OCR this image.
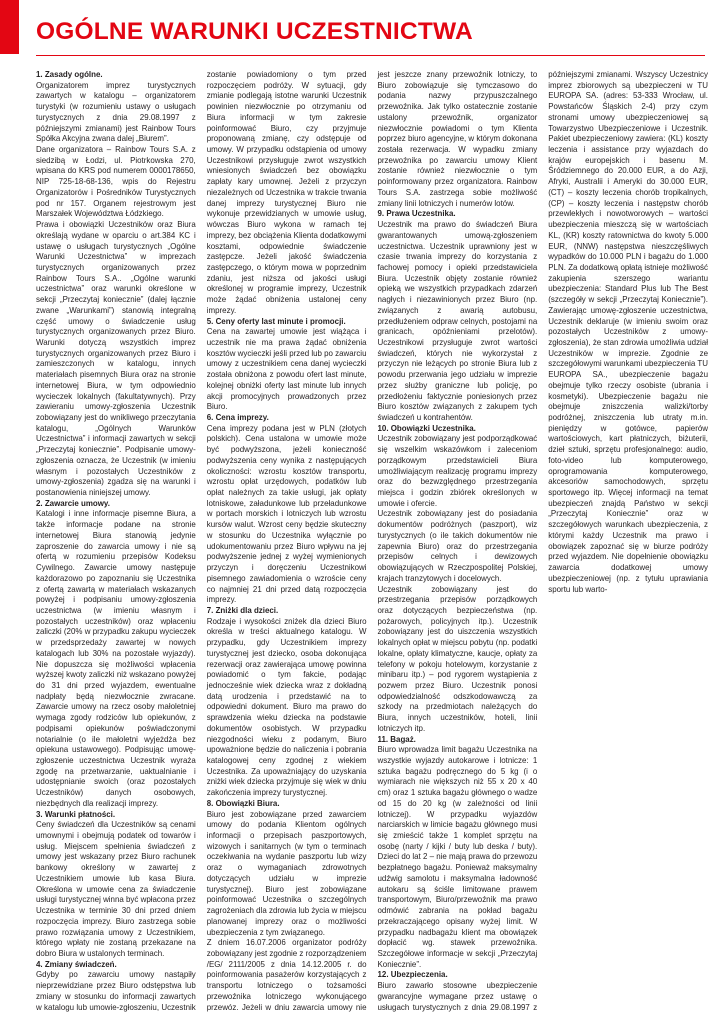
OGÓLNE WARUNKI UCZESTNICTWA
1. Zasady ogólne.

Organizatorem imprez turystycznych zawartych w katalogu – organizatorem turystyki (w rozumieniu ustawy o usługach turystycznych z dnia 29.08.1997 z późniejszymi zmianami) jest Rainbow Tours Spółka Akcyjna zwana dalej „Biurem”.

Dane organizatora – Rainbow Tours S.A. z siedzibą w Łodzi, ul. Piotrkowska 270, wpisana do KRS pod numerem 0000178650, NIP 725-18-68-136, wpis do Rejestru Organizatorów i Pośredników Turystycznych pod nr 157. Organem rejestrowym jest Marszałek Województwa Łódzkiego.

Prawa i obowiązki Uczestników oraz Biura określają wydane w oparciu o art.384 KC i ustawę o usługach turystycznych „Ogólne Warunki Uczestnictwa” w imprezach turystycznych organizowanych przez Rainbow Tours S.A.. „Ogólne warunki uczestnictwa” oraz warunki określone w sekcji „Przeczytaj koniecznie” (dalej łącznie zwane „Warunkami”) stanowią integralną część umowy o świadczenie usług turystycznych organizowanych przez Biuro. Warunki dotyczą wszystkich imprez turystycznych organizowanych przez Biuro i zamieszczonych w katalogu, innych materiałach pisemnych Biura oraz na stronie internetowej Biura, w tym odpowiednio wycieczek lokalnych (fakultatywnych). Przy zawieraniu umowy-zgłoszenia Uczestnik zobowiązany jest do wnikliwego przeczytania katalogu, „Ogólnych Warunków Uczestnictwa” i informacji zawartych w sekcji „Przeczytaj koniecznie”. Podpisanie umowy-zgłoszenia oznacza, że Uczestnik (w imieniu własnym i pozostałych Uczestników z umowy-zgłoszenia) zgadza się na warunki i postanowienia niniejszej umowy.

2. Zawarcie umowy.

Katalogi i inne informacje pisemne Biura, a także informacje podane na stronie internetowej Biura stanowią jedynie zaproszenie do zawarcia umowy i nie są ofertą w rozumieniu przepisów Kodeksu Cywilnego. Zawarcie umowy następuje każdorazowo po zapoznaniu się Uczestnika z ofertą zawartą w materiałach wskazanych powyżej i podpisaniu umowy-zgłoszenia uczestnictwa (w imieniu własnym i pozostałych uczestników) oraz wpłaceniu zaliczki (20% w przypadku zakupu wycieczek w przedsprzedaży zawartej w nowych katalogach lub 30% na pozostałe wyjazdy). Nie dopuszcza się możliwości wpłacenia wyższej kwoty zaliczki niż wskazano powyżej do 31 dni przed wyjazdem, ewentualne nadpłaty będą niezwłocznie zwracane. Zawarcie umowy na rzecz osoby małoletniej wymaga zgody rodziców lub opiekunów, z podpisami opiekunów poświadczonymi notarialnie (o ile małoletni wyjeżdża bez opiekuna ustawowego). Podpisując umowę-zgłoszenie uczestnictwa Uczestnik wyraża zgodę na przetwarzanie, uaktualnianie i udostępnianie swoich (oraz pozostałych Uczestników) danych osobowych, niezbędnych dla realizacji imprezy.

3. Warunki płatności.

Ceny świadczeń dla Uczestników są cenami umownymi i obejmują podatek od towarów i usług. Miejscem spełnienia świadczeń z umowy jest wskazany przez Biuro rachunek bankowy określony w zawartej z Uczestnikiem umowie lub kasa Biura. Określona w umowie cena za świadczenie usługi turystycznej winna być wpłacona przez Uczestnika w terminie 30 dni przed dniem rozpoczęcia imprezy. Biuro zastrzega sobie prawo rozwiązania umowy z Uczestnikiem, którego wpłaty nie zostaną przekazane na dobro Biura w ustalonych terminach.

4. Zmiany świadczeń.

Gdyby po zawarciu umowy nastąpiły nieprzewidziane przez Biuro odstępstwa lub zmiany w stosunku do informacji zawartych w katalogu lub umowie-zgłoszeniu, Uczestnik zostanie powiadomiony o tym przed rozpoczęciem podróży. W sytuacji, gdy zmianie podlegają istotne warunki Uczestnik powinien niezwłocznie po otrzymaniu od Biura informacji w tym zakresie poinformować Biuro, czy przyjmuje proponowaną zmianę, czy odstępuje od umowy. W przypadku odstąpienia od umowy Uczestnikowi przysługuje zwrot wszystkich wniesionych świadczeń bez obowiązku zapłaty kary umownej. Jeżeli z przyczyn niezależnych od Uczestnika w trakcie trwania danej imprezy turystycznej Biuro nie wykonuje przewidzianych w umowie usług, wówczas Biuro wykona w ramach tej imprezy, bez obciążenia Klienta dodatkowymi kosztami, odpowiednie świadczenie zastępcze. Jeżeli jakość świadczenia zastępczego, o którym mowa w poprzednim zdaniu, jest niższa od jakości usługi określonej w programie imprezy, Uczestnik może żądać obniżenia ustalonej ceny imprezy.

5. Ceny oferty last minute i promocji.

Cena na zawartej umowie jest wiążąca i uczestnik nie ma prawa żądać obniżenia kosztów wycieczki jeśli przed lub po zawarciu umowy z uczestnikiem cena danej wycieczki została obniżona z powodu ofert last minute, kolejnej obniżki oferty last minute lub innych akcji promocyjnych prowadzonych przez Biuro.

6. Cena imprezy.

Cena imprezy podana jest w PLN (złotych polskich). Cena ustalona w umowie może być podwyższona, jeżeli konieczność podwyższenia ceny wynika z następujących okoliczności: wzrostu kosztów transportu, wzrostu opłat urzędowych, podatków lub opłat należnych za takie usługi, jak opłaty lotniskowe, załadunkowe lub przeładunkowe w portach morskich i lotniczych lub wzrostu kursów walut. Wzrost ceny będzie skuteczny w stosunku do Uczestnika wyłącznie po udokumentowaniu przez Biuro wpływu na jej podwyższenie jednej z wyżej wymienionych przyczyn i doręczeniu Uczestnikowi pisemnego zawiadomienia o wzroście ceny co najmniej 21 dni przed datą rozpoczęcia imprezy.

7. Zniżki dla dzieci.

Rodzaje i wysokości zniżek dla dzieci Biuro określa w treści aktualnego katalogu. W przypadku, gdy Uczestnikiem imprezy turystycznej jest dziecko, osoba dokonująca rezerwacji oraz zawierająca umowę powinna powiadomić o tym fakcie, podając jednocześnie wiek dziecka wraz z dokładną datą urodzenia i przedstawić na to odpowiedni dokument. Biuro ma prawo do sprawdzenia wieku dziecka na podstawie dokumentów osobistych. W przypadku niezgodności wieku z podanym, Biuro upoważnione będzie do naliczenia i pobrania katalogowej ceny zgodnej z wiekiem Uczestnika. Za upoważniający do uzyskania zniżki wiek dziecka przyjmuje się wiek w dniu zakończenia imprezy turystycznej.

8. Obowiązki Biura.

Biuro jest zobowiązane przed zawarciem umowy do podania Klientom ogólnych informacji o przepisach paszportowych, wizowych i sanitarnych (w tym o terminach oczekiwania na wydanie paszportu lub wizy oraz o wymaganiach zdrowotnych dotyczących udziału w imprezie turystycznej). Biuro jest zobowiązane poinformować Uczestnika o szczególnych zagrożeniach dla zdrowia lub życia w miejscu planowanej imprezy oraz o możliwości ubezpieczenia z tym związanego.

Z dniem 16.07.2006 organizator podróży zobowiązany jest zgodnie z rozporządzeniem /EG/ 2111/2005 z dnia 14.12.2005 r. do poinformowania pasażerów korzystających z transportu lotniczego o tożsamości przewoźnika lotniczego wykonującego przewóz. Jeżeli w dniu zawarcia umowy nie jest jeszcze znany przewoźnik lotniczy, to Biuro zobowiązuje się tymczasowo do podania nazwy przypuszczalnego przewoźnika. Jak tylko ostatecznie zostanie ustalony przewoźnik, organizator niezwłocznie powiadomi o tym Klienta poprzez biuro agencyjne, w którym dokonana została rezerwacja. W wypadku zmiany przewoźnika po zawarciu umowy Klient zostanie również niezwłocznie o tym poinformowany przez organizatora. Rainbow Tours S.A. zastrzega sobie możliwość zmiany linii lotniczych i numerów lotów.

9. Prawa Uczestnika.

Uczestnik ma prawo do świadczeń Biura gwarantowanych umową-zgłoszeniem uczestnictwa. Uczestnik uprawniony jest w czasie trwania imprezy do korzystania z fachowej pomocy i opieki przedstawiciela Biura. Uczestnik objęty zostanie również opieką we wszystkich przypadkach zdarzeń nagłych i niezawinionych przez Biuro (np. związanych z awarią autobusu, przedłużeniem odpraw celnych, postojami na granicach, opóźnieniami przelotów). Uczestnikowi przysługuje zwrot wartości świadczeń, których nie wykorzystał z przyczyn nie leżących po stronie Biura lub z powodu przerwania jego udziału w imprezie przez służby graniczne lub policję, po przedłożeniu faktycznie poniesionych przez Biuro kosztów związanych z zakupem tych świadczeń u kontrahentów.

10. Obowiązki Uczestnika.

Uczestnik zobowiązany jest podporządkować się wszelkim wskazówkom i zaleceniom porządkowym przedstawicieli Biura umożliwiającym realizację programu imprezy oraz do bezwzględnego przestrzegania miejsca i godzin zbiórek określonych w umowie i ofercie.

Uczestnik zobowiązany jest do posiadania dokumentów podróżnych (paszport), wiz turystycznych (o ile takich dokumentów nie zapewnia Biuro) oraz do przestrzegania przepisów celnych i dewizowych obowiązujących w Rzeczpospolitej Polskiej, krajach tranzytowych i docelowych.

Uczestnik zobowiązany jest do przestrzegania przepisów porządkowych oraz dotyczących bezpieczeństwa (np. pożarowych, policyjnych itp.). Uczestnik zobowiązany jest do uiszczenia wszystkich lokalnych opłat w miejscu pobytu (np. podatki lokalne, opłaty klimatyczne, kaucje, opłaty za telefony w pokoju hotelowym, korzystanie z minibaru itp.) – pod rygorem wystąpienia z pozwem przez Biuro. Uczestnik ponosi odpowiedzialność odszkodowawczą za szkody na przedmiotach należących do Biura, innych uczestników, hoteli, linii lotniczych itp.

11. Bagaż.

Biuro wprowadza limit bagażu Uczestnika na wszystkie wyjazdy autokarowe i lotnicze: 1 sztuka bagażu podręcznego do 5 kg (i o wymiarach nie większych niż 55 x 20 x 40 cm) oraz 1 sztuka bagażu głównego o wadze od 15 do 20 kg (w zależności od linii lotniczej). W przypadku wyjazdów narciarskich w limicie bagażu głównego musi się zmieścić także 1 komplet sprzętu na osobę (narty / kijki / buty lub deska / buty). Dzieci do lat 2 – nie mają prawa do przewozu bezpłatnego bagażu. Ponieważ maksymalny udźwig samolotu i maksymalna ładowność autokaru są ściśle limitowane prawem transportowym, Biuro/przewoźnik ma prawo odmówić zabrania na pokład bagażu przekraczającego opisany wyżej limit. W przypadku nadbagażu klient ma obowiązek dopłacić wg. stawek przewoźnika. Szczegółowe informacje w sekcji „Przeczytaj Koniecznie”.

12. Ubezpieczenia.

Biuro zawarło stosowne ubezpieczenie gwarancyjne wymagane przez ustawę o usługach turystycznych z dnia 29.08.1997 z późniejszymi zmianami. Wszyscy Uczestnicy imprez zbiorowych są ubezpieczeni w TU EUROPA SA. (adres: 53-333 Wrocław, ul. Powstańców Śląskich 2-4) przy czym stronami umowy ubezpieczeniowej są Towarzystwo Ubezpieczeniowe i Uczestnik. Pakiet ubezpieczeniowy zawiera: (KL) koszty leczenia i assistance przy wyjazdach do krajów europejskich i basenu M. Śródziemnego do 20.000 EUR, a do Azji, Afryki, Australii i Ameryki do 30.000 EUR, (CT) – koszty leczenia chorób tropikalnych, (CP) – koszty leczenia i następstw chorób przewlekłych i nowotworowych – wartości ubezpieczenia mieszczą się w wartościach KL, (KR) koszty ratownictwa do kwoty 5.000 EUR, (NNW) następstwa nieszczęśliwych wypadków do 10.000 PLN i bagażu do 1.000 PLN. Za dodatkową opłatą istnieje możliwość zakupienia szerszego wariantu ubezpieczenia: Standard Plus lub The Best (szczegóły w sekcji „Przeczytaj Koniecznie”). Zawierając umowę-zgłoszenie uczestnictwa, Uczestnik deklaruje (w imieniu swoim oraz pozostałych Uczestników z umowy-zgłoszenia), że stan zdrowia umożliwia udział Uczestników w imprezie. Zgodnie ze szczegółowymi warunkami ubezpieczenia TU EUROPA SA., ubezpieczenie bagażu obejmuje tylko rzeczy osobiste (ubrania i kosmetyki). Ubezpieczenie bagażu nie obejmuje zniszczenia walizki/torby podróżnej, zniszczenia lub utraty m.in. pieniędzy w gotówce, papierów wartościowych, kart płatniczych, biżuterii, dzieł sztuki, sprzętu profesjonalnego: audio, foto-video lub komputerowego, oprogramowania komputerowego, akcesoriów samochodowych, sprzętu sportowego itp. Więcej informacji na temat ubezpieczeń znajdą Państwo w sekcji „Przeczytaj Koniecznie” oraz w szczegółowych warunkach ubezpieczenia, z którymi każdy Uczestnik ma prawo i obowiązek zapoznać się w biurze podróży przed wyjazdem. Nie dopełnienie obowiązku zawarcia dodatkowej umowy ubezpieczeniowej (np. z tytułu uprawiania sportu lub warto-
